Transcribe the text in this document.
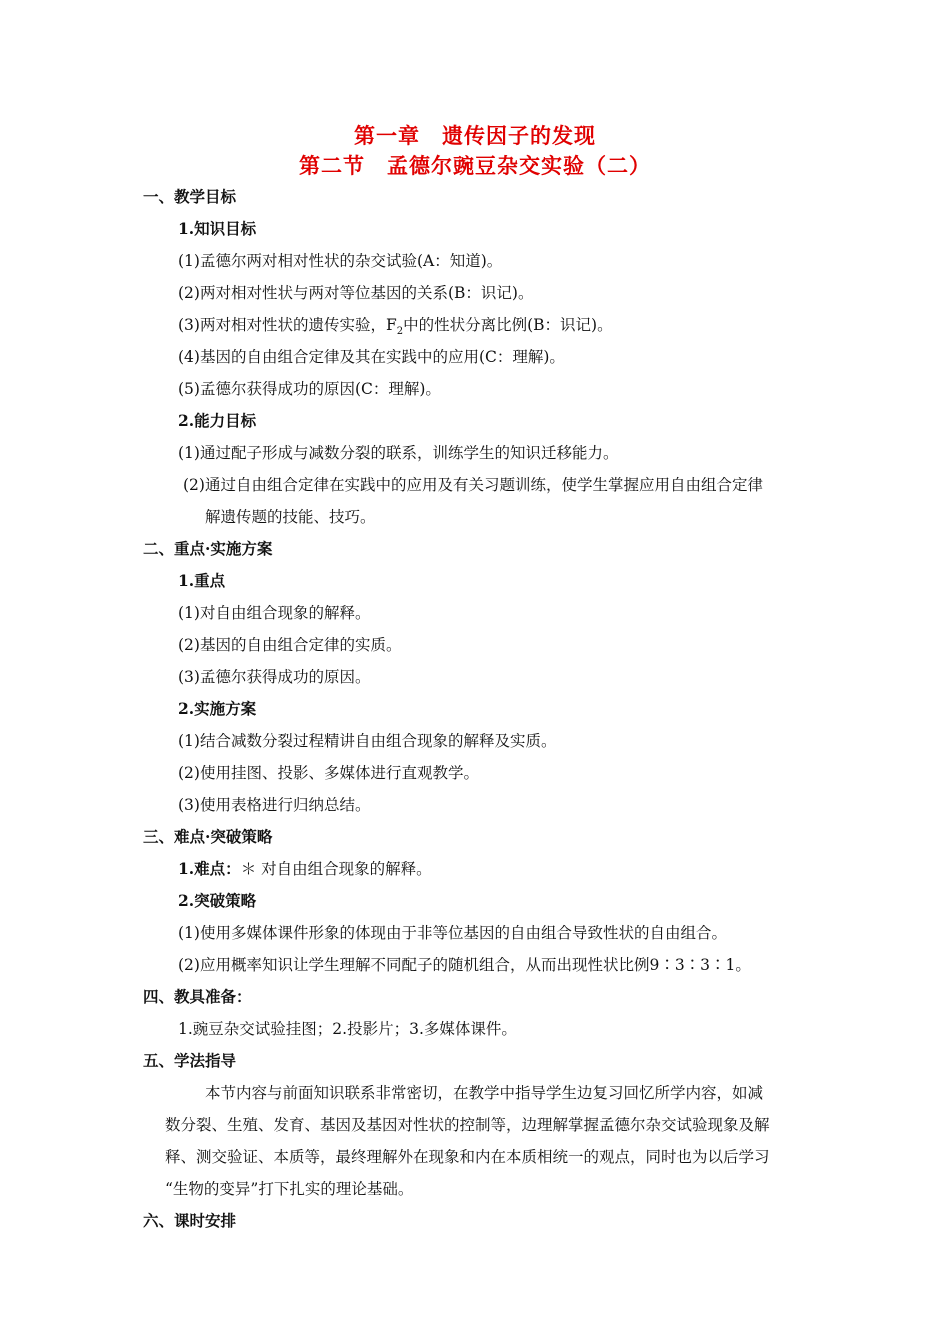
第一章　遗传因子的发现
第二节　孟德尔豌豆杂交实验（二）
一、教学目标
1.知识目标
(1)孟德尔两对相对性状的杂交试验(A：知道)。
(2)两对相对性状与两对等位基因的关系(B：识记)。
(3)两对相对性状的遗传实验，$F_2$中的性状分离比例(B：识记)。
(4)基因的自由组合定律及其在实践中的应用(C：理解)。
(5)孟德尔获得成功的原因(C：理解)。
2.能力目标
(1)通过配子形成与减数分裂的联系，训练学生的知识迁移能力。
(2)通过自由组合定律在实践中的应用及有关习题训练，使学生掌握应用自由组合定律
解遗传题的技能、技巧。
二、重点·实施方案
1.重点
(1)对自由组合现象的解释。
(2)基因的自由组合定律的实质。
(3)孟德尔获得成功的原因。
2.实施方案
(1)结合减数分裂过程精讲自由组合现象的解释及实质。
(2)使用挂图、投影、多媒体进行直观教学。
(3)使用表格进行归纳总结。
三、难点·突破策略
1.难点：＊ 对自由组合现象的解释。
2.突破策略
(1)使用多媒体课件形象的体现由于非等位基因的自由组合导致性状的自由组合。
(2)应用概率知识让学生理解不同配子的随机组合，从而出现性状比例9∶3∶3∶1。
四、教具准备：
1.豌豆杂交试验挂图；2.投影片；3.多媒体课件。
五、学法指导
本节内容与前面知识联系非常密切，在教学中指导学生边复习回忆所学内容，如减
数分裂、生殖、发育、基因及基因对性状的控制等，边理解掌握孟德尔杂交试验现象及解
释、测交验证、本质等，最终理解外在现象和内在本质相统一的观点，同时也为以后学习
“生物的变异”打下扎实的理论基础。
六、课时安排
